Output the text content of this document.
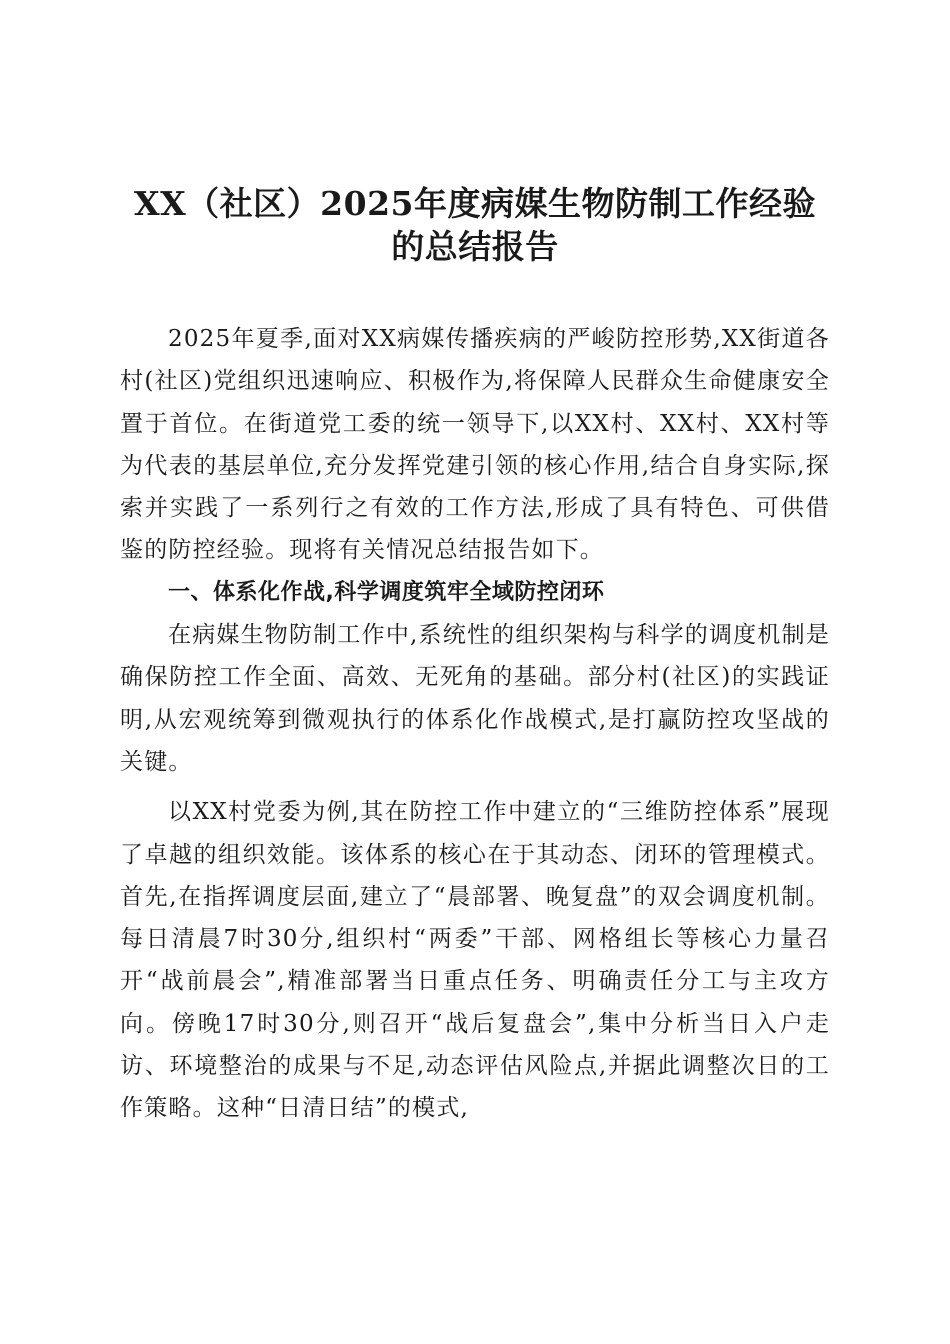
XX（社区）2025年度病媒生物防制工作经验的总结报告

2025年夏季,面对XX病媒传播疾病的严峻防控形势,XX街道各村(社区)党组织迅速响应、积极作为,将保障人民群众生命健康安全置于首位。在街道党工委的统一领导下,以XX村、XX村、XX村等为代表的基层单位,充分发挥党建引领的核心作用,结合自身实际,探索并实践了一系列行之有效的工作方法,形成了具有特色、可供借鉴的防控经验。现将有关情况总结报告如下。

一、体系化作战,科学调度筑牢全域防控闭环

在病媒生物防制工作中,系统性的组织架构与科学的调度机制是确保防控工作全面、高效、无死角的基础。部分村(社区)的实践证明,从宏观统筹到微观执行的体系化作战模式,是打赢防控攻坚战的关键。

以XX村党委为例,其在防控工作中建立的“三维防控体系”展现了卓越的组织效能。该体系的核心在于其动态、闭环的管理模式。首先,在指挥调度层面,建立了“晨部署、晚复盘”的双会调度机制。每日清晨7时30分,组织村“两委”干部、网格组长等核心力量召开“战前晨会”,精准部署当日重点任务、明确责任分工与主攻方向。傍晚17时30分,则召开“战后复盘会”,集中分析当日入户走访、环境整治的成果与不足,动态评估风险点,并据此调整次日的工作策略。这种“日清日结”的模式,
